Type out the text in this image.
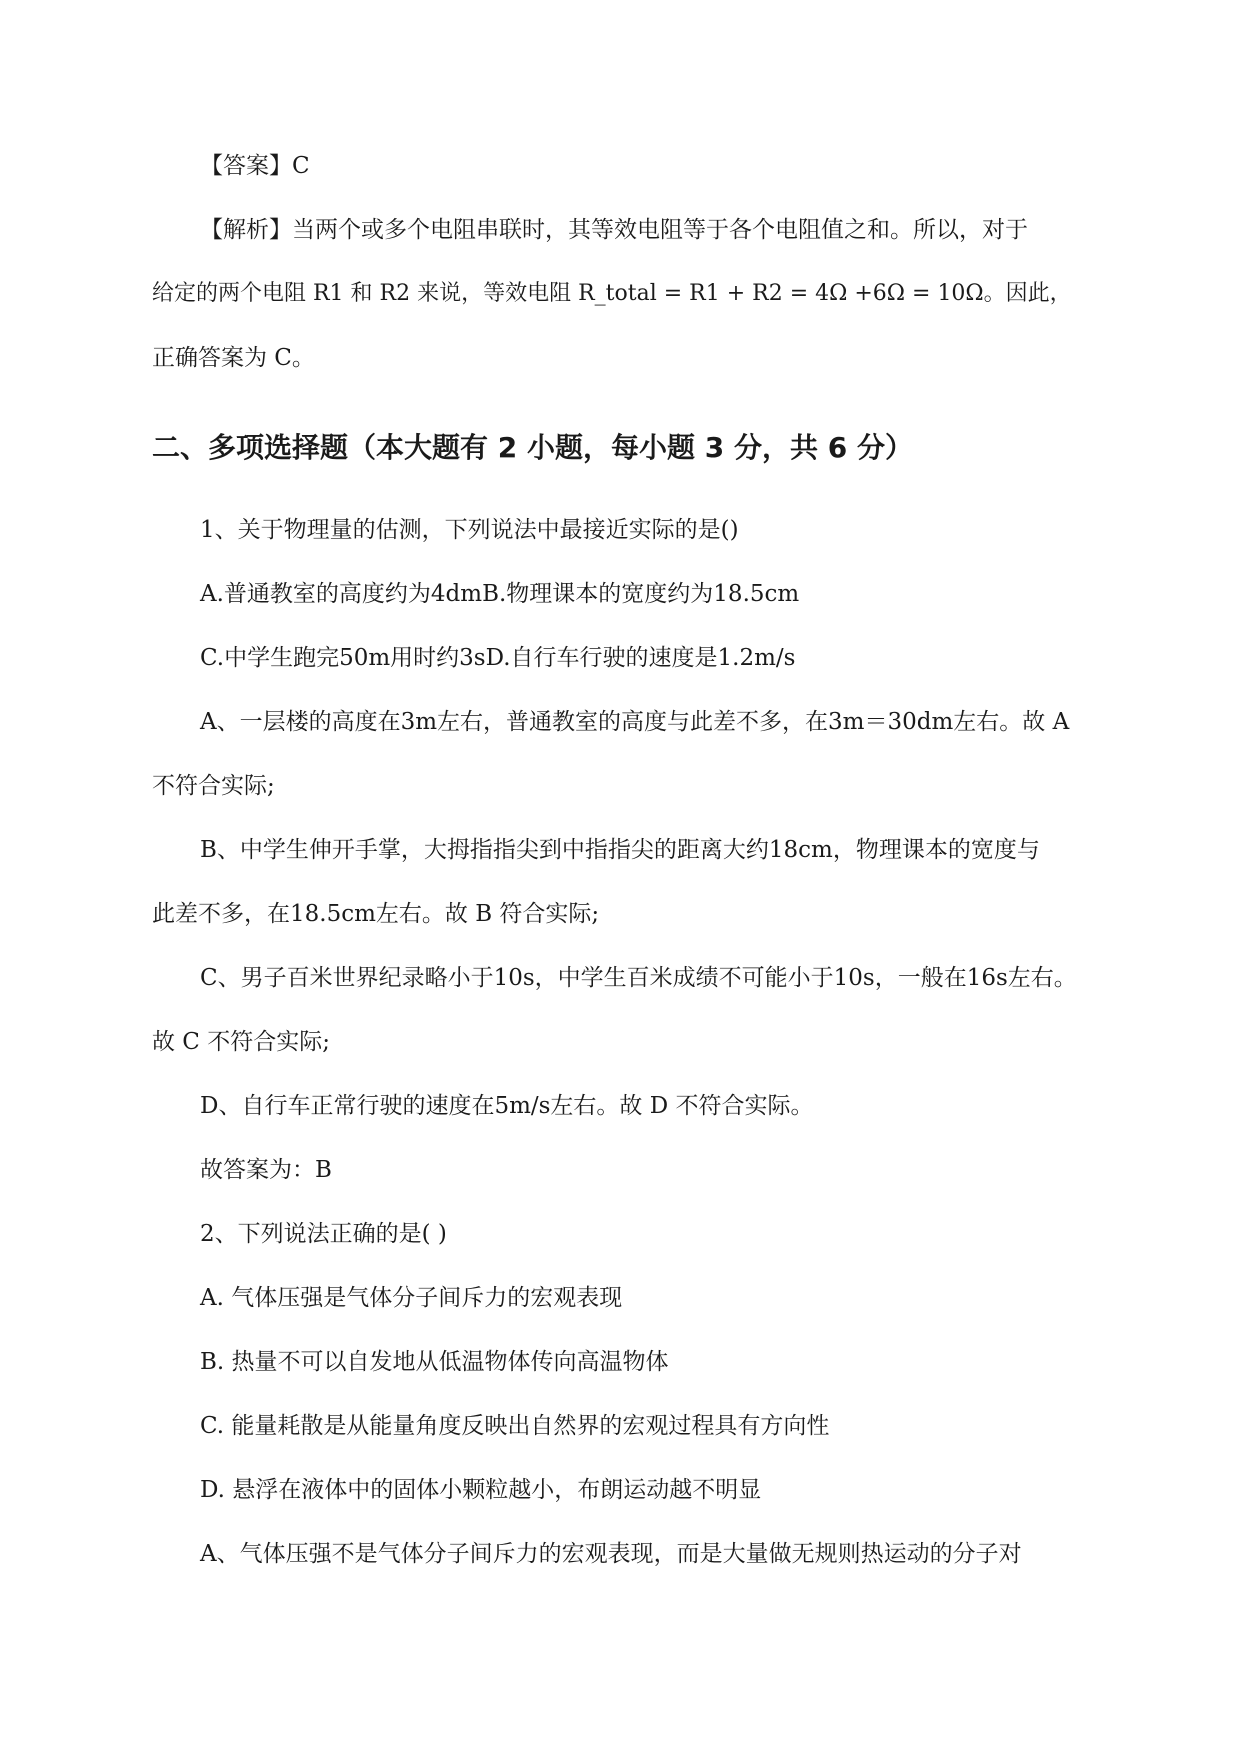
【答案】C

【解析】当两个或多个电阻串联时，其等效电阻等于各个电阻值之和。所以，对于

给定的两个电阻 R1 和 R2 来说，等效电阻 R_total = R1 + R2 = 4Ω +6Ω = 10Ω。因此，

正确答案为 C。

二、多项选择题（本大题有 2 小题，每小题 3 分，共 6 分）

1、关于物理量的估测，下列说法中最接近实际的是()

A.普通教室的高度约为4dmB.物理课本的宽度约为18.5cm

C.中学生跑完50m用时约3sD.自行车行驶的速度是1.2m/s

A、一层楼的高度在3m左右，普通教室的高度与此差不多，在3m＝30dm左右。故 A

不符合实际;

B、中学生伸开手掌，大拇指指尖到中指指尖的距离大约18cm，物理课本的宽度与

此差不多，在18.5cm左右。故 B 符合实际;

C、男子百米世界纪录略小于10s，中学生百米成绩不可能小于10s，一般在16s左右。

故 C 不符合实际;

D、自行车正常行驶的速度在5m/s左右。故 D 不符合实际。

故答案为：B

2、下列说法正确的是( )

A. 气体压强是气体分子间斥力的宏观表现

B. 热量不可以自发地从低温物体传向高温物体

C. 能量耗散是从能量角度反映出自然界的宏观过程具有方向性

D. 悬浮在液体中的固体小颗粒越小，布朗运动越不明显

A、气体压强不是气体分子间斥力的宏观表现，而是大量做无规则热运动的分子对
